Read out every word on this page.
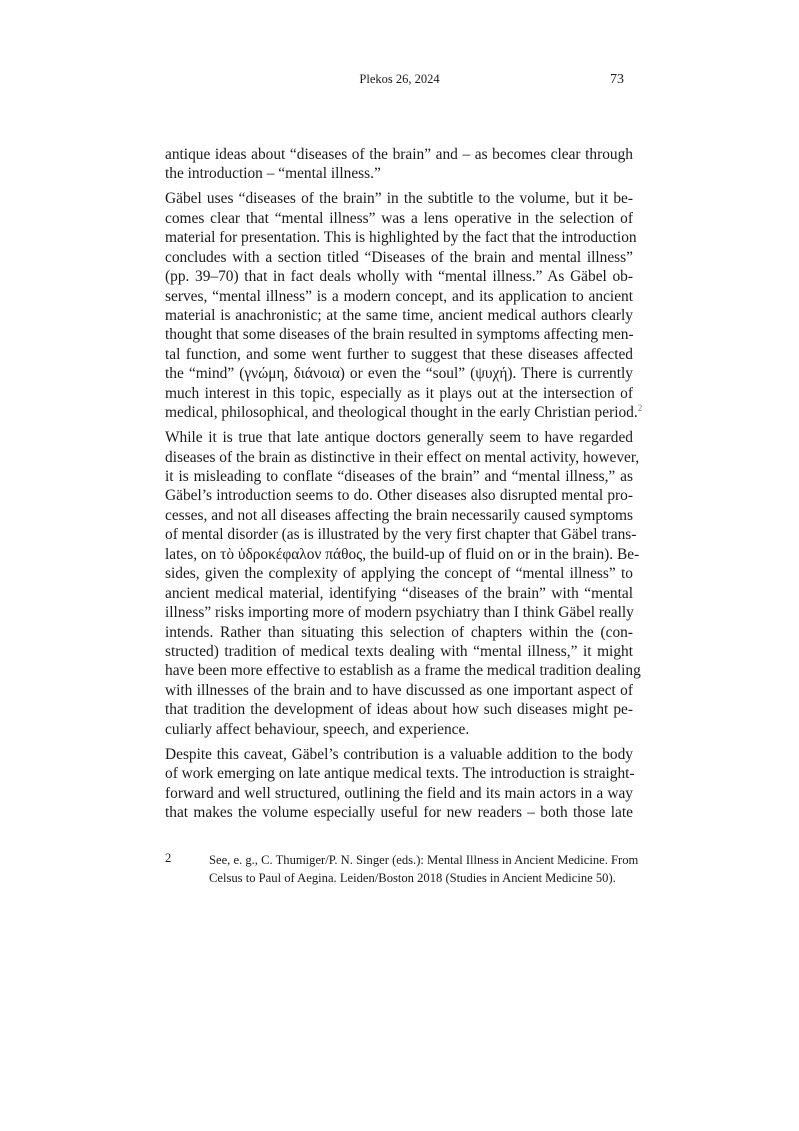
Plekos 26, 2024	73
antique ideas about “diseases of the brain” and – as becomes clear through
the introduction – “mental illness.”
Gäbel uses “diseases of the brain” in the subtitle to the volume, but it be-
comes clear that “mental illness” was a lens operative in the selection of
material for presentation. This is highlighted by the fact that the introduction
concludes with a section titled “Diseases of the brain and mental illness”
(pp. 39–70) that in fact deals wholly with “mental illness.” As Gäbel ob-
serves, “mental illness” is a modern concept, and its application to ancient
material is anachronistic; at the same time, ancient medical authors clearly
thought that some diseases of the brain resulted in symptoms affecting men-
tal function, and some went further to suggest that these diseases affected
the “mind” (γνώμη, διάνοια) or even the “soul” (ψυχή). There is currently
much interest in this topic, especially as it plays out at the intersection of
medical, philosophical, and theological thought in the early Christian period.$^2$
While it is true that late antique doctors generally seem to have regarded
diseases of the brain as distinctive in their effect on mental activity, however,
it is misleading to conflate “diseases of the brain” and “mental illness,” as
Gäbel’s introduction seems to do. Other diseases also disrupted mental pro-
cesses, and not all diseases affecting the brain necessarily caused symptoms
of mental disorder (as is illustrated by the very first chapter that Gäbel trans-
lates, on τὸ ὑδροκέφαλον πάθος, the build-up of fluid on or in the brain). Be-
sides, given the complexity of applying the concept of “mental illness” to
ancient medical material, identifying “diseases of the brain” with “mental
illness” risks importing more of modern psychiatry than I think Gäbel really
intends. Rather than situating this selection of chapters within the (con-
structed) tradition of medical texts dealing with “mental illness,” it might
have been more effective to establish as a frame the medical tradition dealing
with illnesses of the brain and to have discussed as one important aspect of
that tradition the development of ideas about how such diseases might pe-
culiarly affect behaviour, speech, and experience.
Despite this caveat, Gäbel’s contribution is a valuable addition to the body
of work emerging on late antique medical texts. The introduction is straight-
forward and well structured, outlining the field and its main actors in a way
that makes the volume especially useful for new readers – both those late
2	See, e. g., C. Thumiger/P. N. Singer (eds.): Mental Illness in Ancient Medicine. From
Celsus to Paul of Aegina. Leiden/Boston 2018 (Studies in Ancient Medicine 50).
